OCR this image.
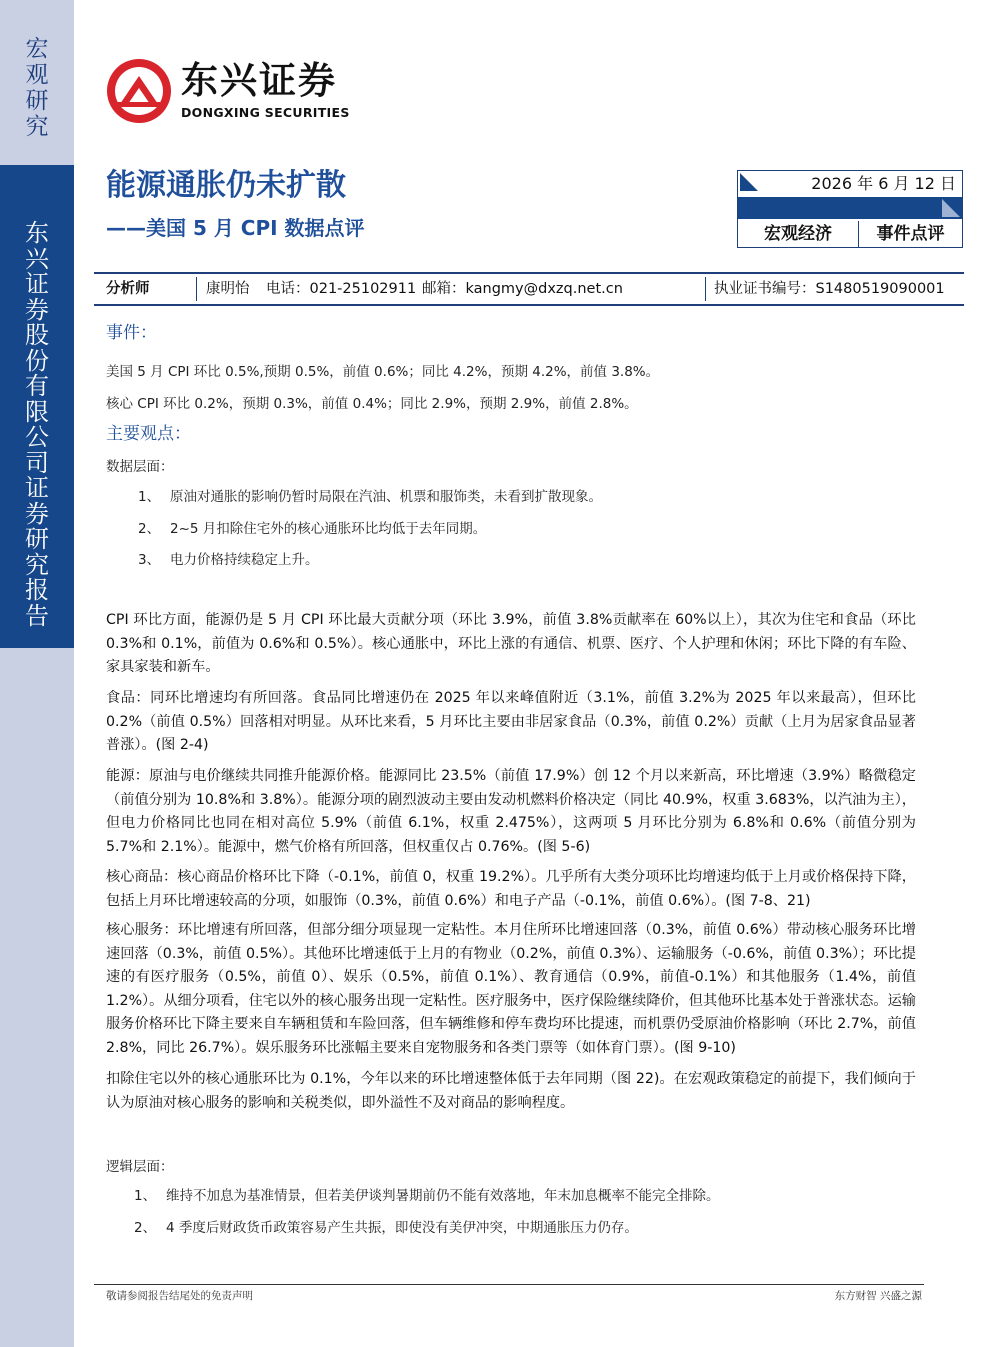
宏观研究
东兴证券股份有限公司证券研究报告
东兴证券
DONGXING SECURITIES
能源通胀仍未扩散
——美国 5 月 CPI 数据点评
2026 年 6 月 12 日
宏观经济	事件点评
分析师	康明怡 电话：021-25102911 邮箱：kangmy@dxzq.net.cn	执业证书编号：S1480519090001
事件：
美国 5 月 CPI 环比 0.5%,预期 0.5%，前值 0.6%；同比 4.2%，预期 4.2%，前值 3.8%。
核心 CPI 环比 0.2%，预期 0.3%，前值 0.4%；同比 2.9%，预期 2.9%，前值 2.8%。
主要观点：
数据层面：
1、 原油对通胀的影响仍暂时局限在汽油、机票和服饰类，未看到扩散现象。
2、 2~5 月扣除住宅外的核心通胀环比均低于去年同期。
3、 电力价格持续稳定上升。
CPI 环比方面，能源仍是 5 月 CPI 环比最大贡献分项（环比 3.9%，前值 3.8%贡献率在 60%以上），其次为住宅和食品（环比 0.3%和 0.1%，前值为 0.6%和 0.5%）。核心通胀中，环比上涨的有通信、机票、医疗、个人护理和休闲；环比下降的有车险、家具家装和新车。
食品：同环比增速均有所回落。食品同比增速仍在 2025 年以来峰值附近（3.1%，前值 3.2%为 2025 年以来最高），但环比 0.2%（前值 0.5%）回落相对明显。从环比来看，5 月环比主要由非居家食品（0.3%，前值 0.2%）贡献（上月为居家食品显著普涨）。(图 2-4)
能源：原油与电价继续共同推升能源价格。能源同比 23.5%（前值 17.9%）创 12 个月以来新高，环比增速（3.9%）略微稳定（前值分别为 10.8%和 3.8%）。能源分项的剧烈波动主要由发动机燃料价格决定（同比 40.9%，权重 3.683%，以汽油为主），但电力价格同比也同在相对高位 5.9%（前值 6.1%，权重 2.475%），这两项 5 月环比分别为 6.8%和 0.6%（前值分别为 5.7%和 2.1%）。能源中，燃气价格有所回落，但权重仅占 0.76%。(图 5-6)
核心商品：核心商品价格环比下降（-0.1%，前值 0，权重 19.2%）。几乎所有大类分项环比均增速均低于上月或价格保持下降，包括上月环比增速较高的分项，如服饰（0.3%，前值 0.6%）和电子产品（-0.1%，前值 0.6%）。(图 7-8、21)
核心服务：环比增速有所回落，但部分细分项显现一定粘性。本月住所环比增速回落（0.3%，前值 0.6%）带动核心服务环比增速回落（0.3%，前值 0.5%）。其他环比增速低于上月的有物业（0.2%，前值 0.3%）、运输服务（-0.6%，前值 0.3%）；环比提速的有医疗服务（0.5%，前值 0）、娱乐（0.5%，前值 0.1%）、教育通信（0.9%，前值-0.1%）和其他服务（1.4%，前值 1.2%）。从细分项看，住宅以外的核心服务出现一定粘性。医疗服务中，医疗保险继续降价，但其他环比基本处于普涨状态。运输服务价格环比下降主要来自车辆租赁和车险回落，但车辆维修和停车费均环比提速，而机票仍受原油价格影响（环比 2.7%，前值 2.8%，同比 26.7%）。娱乐服务环比涨幅主要来自宠物服务和各类门票等（如体育门票）。(图 9-10)
扣除住宅以外的核心通胀环比为 0.1%，今年以来的环比增速整体低于去年同期（图 22)。在宏观政策稳定的前提下，我们倾向于认为原油对核心服务的影响和关税类似，即外溢性不及对商品的影响程度。
逻辑层面：
1、 维持不加息为基准情景，但若美伊谈判暑期前仍不能有效落地，年末加息概率不能完全排除。
2、 4 季度后财政货币政策容易产生共振，即使没有美伊冲突，中期通胀压力仍存。
敬请参阅报告结尾处的免责声明	东方财智 兴盛之源
